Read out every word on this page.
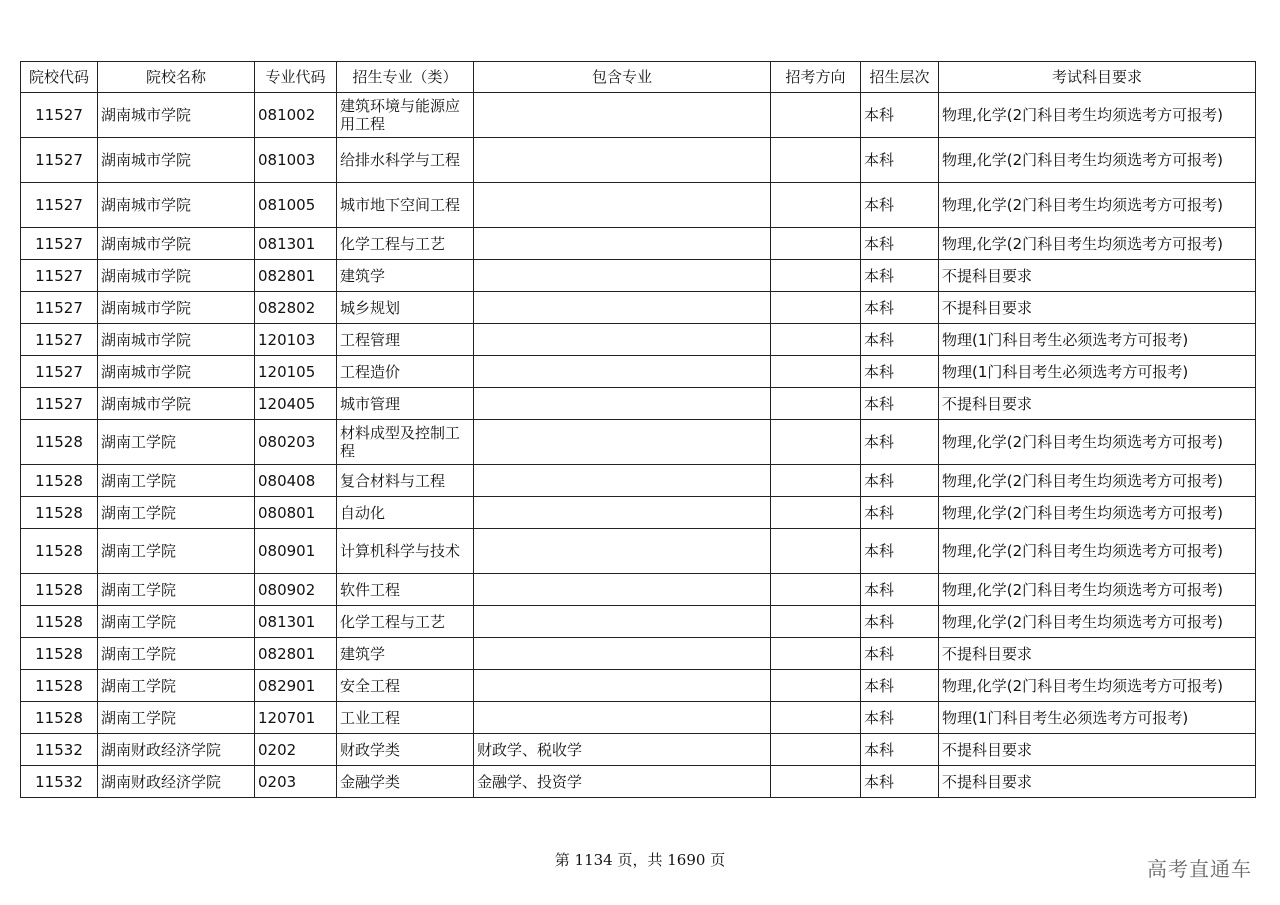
院校代码	院校名称	专业代码	招生专业（类）	包含专业	招考方向	招生层次	考试科目要求
11527	湖南城市学院	081002	建筑环境与能源应用工程			本科	物理,化学(2门科目考生均须选考方可报考)
11527	湖南城市学院	081003	给排水科学与工程			本科	物理,化学(2门科目考生均须选考方可报考)
11527	湖南城市学院	081005	城市地下空间工程			本科	物理,化学(2门科目考生均须选考方可报考)
11527	湖南城市学院	081301	化学工程与工艺			本科	物理,化学(2门科目考生均须选考方可报考)
11527	湖南城市学院	082801	建筑学			本科	不提科目要求
11527	湖南城市学院	082802	城乡规划			本科	不提科目要求
11527	湖南城市学院	120103	工程管理			本科	物理(1门科目考生必须选考方可报考)
11527	湖南城市学院	120105	工程造价			本科	物理(1门科目考生必须选考方可报考)
11527	湖南城市学院	120405	城市管理			本科	不提科目要求
11528	湖南工学院	080203	材料成型及控制工程			本科	物理,化学(2门科目考生均须选考方可报考)
11528	湖南工学院	080408	复合材料与工程			本科	物理,化学(2门科目考生均须选考方可报考)
11528	湖南工学院	080801	自动化			本科	物理,化学(2门科目考生均须选考方可报考)
11528	湖南工学院	080901	计算机科学与技术			本科	物理,化学(2门科目考生均须选考方可报考)
11528	湖南工学院	080902	软件工程			本科	物理,化学(2门科目考生均须选考方可报考)
11528	湖南工学院	081301	化学工程与工艺			本科	物理,化学(2门科目考生均须选考方可报考)
11528	湖南工学院	082801	建筑学			本科	不提科目要求
11528	湖南工学院	082901	安全工程			本科	物理,化学(2门科目考生均须选考方可报考)
11528	湖南工学院	120701	工业工程			本科	物理(1门科目考生必须选考方可报考)
11532	湖南财政经济学院	0202	财政学类	财政学、税收学		本科	不提科目要求
11532	湖南财政经济学院	0203	金融学类	金融学、投资学		本科	不提科目要求
第 1134 页，共 1690 页	高考直通车
